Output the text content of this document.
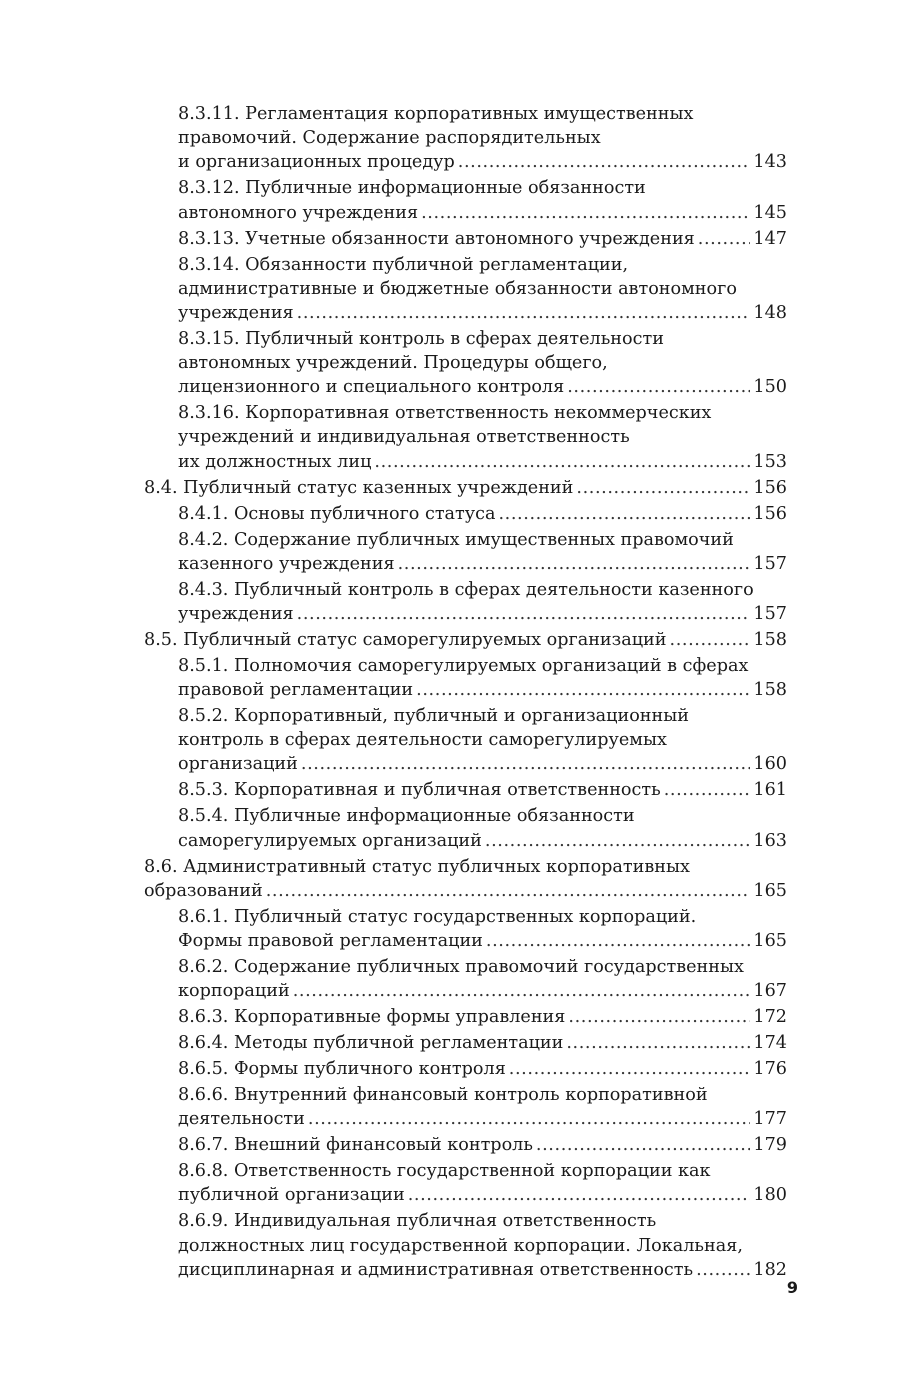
8.3.11. Регламентация корпоративных имущественных
правомочий. Содержание распорядительных
и организационных процедур .....	143
8.3.12. Публичные информационные обязанности
автономного учреждения .....	145
8.3.13. Учетные обязанности автономного учреждения .....	147
8.3.14. Обязанности публичной регламентации,
административные и бюджетные обязанности автономного
учреждения .....	148
8.3.15. Публичный контроль в сферах деятельности
автономных учреждений. Процедуры общего,
лицензионного и специального контроля .....	150
8.3.16. Корпоративная ответственность некоммерческих
учреждений и индивидуальная ответственность
их должностных лиц .....	153
8.4. Публичный статус казенных учреждений .....	156
8.4.1. Основы публичного статуса .....	156
8.4.2. Содержание публичных имущественных правомочий
казенного учреждения .....	157
8.4.3. Публичный контроль в сферах деятельности казенного
учреждения .....	157
8.5. Публичный статус саморегулируемых организаций .....	158
8.5.1. Полномочия саморегулируемых организаций в сферах
правовой регламентации .....	158
8.5.2. Корпоративный, публичный и организационный
контроль в сферах деятельности саморегулируемых
организаций .....	160
8.5.3. Корпоративная и публичная ответственность .....	161
8.5.4. Публичные информационные обязанности
саморегулируемых организаций .....	163
8.6. Административный статус публичных корпоративных
образований .....	165
8.6.1. Публичный статус государственных корпораций.
Формы правовой регламентации .....	165
8.6.2. Содержание публичных правомочий государственных
корпораций .....	167
8.6.3. Корпоративные формы управления .....	172
8.6.4. Методы публичной регламентации .....	174
8.6.5. Формы публичного контроля .....	176
8.6.6. Внутренний финансовый контроль корпоративной
деятельности .....	177
8.6.7. Внешний финансовый контроль .....	179
8.6.8. Ответственность государственной корпорации как
публичной организации .....	180
8.6.9. Индивидуальная публичная ответственность
должностных лиц государственной корпорации. Локальная,
дисциплинарная и административная ответственность .....	182
9
